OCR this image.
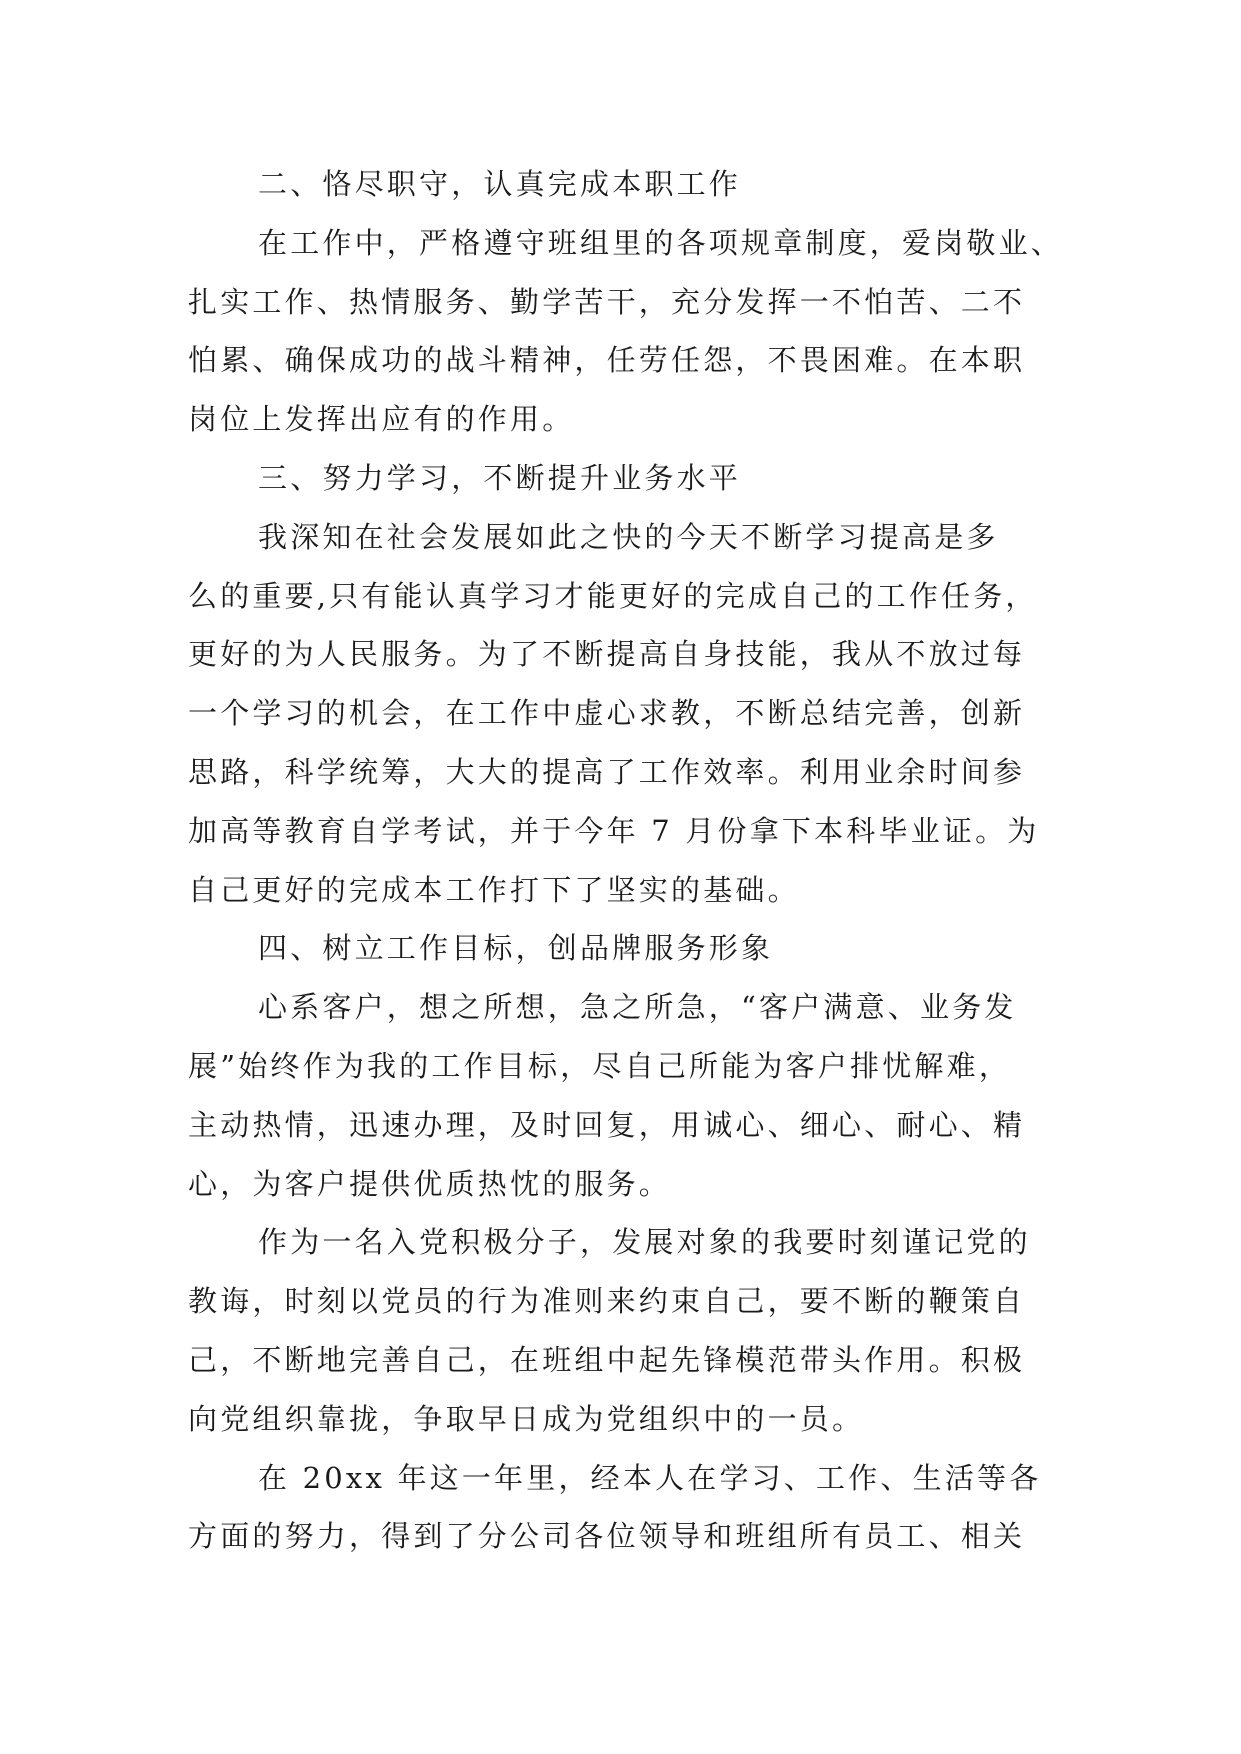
二、恪尽职守，认真完成本职工作
在工作中，严格遵守班组里的各项规章制度，爱岗敬业、
扎实工作、热情服务、勤学苦干，充分发挥一不怕苦、二不
怕累、确保成功的战斗精神，任劳任怨，不畏困难。在本职
岗位上发挥出应有的作用。
三、努力学习，不断提升业务水平
我深知在社会发展如此之快的今天不断学习提高是多
么的重要,只有能认真学习才能更好的完成自己的工作任务，
更好的为人民服务。为了不断提高自身技能，我从不放过每
一个学习的机会，在工作中虚心求教，不断总结完善，创新
思路，科学统筹，大大的提高了工作效率。利用业余时间参
加高等教育自学考试，并于今年 7 月份拿下本科毕业证。为
自己更好的完成本工作打下了坚实的基础。
四、树立工作目标，创品牌服务形象
心系客户，想之所想，急之所急，“客户满意、业务发
展”始终作为我的工作目标，尽自己所能为客户排忧解难，
主动热情，迅速办理，及时回复，用诚心、细心、耐心、精
心，为客户提供优质热忱的服务。
作为一名入党积极分子，发展对象的我要时刻谨记党的
教诲，时刻以党员的行为准则来约束自己，要不断的鞭策自
己，不断地完善自己，在班组中起先锋模范带头作用。积极
向党组织靠拢，争取早日成为党组织中的一员。
在 20xx 年这一年里，经本人在学习、工作、生活等各
方面的努力，得到了分公司各位领导和班组所有员工、相关
